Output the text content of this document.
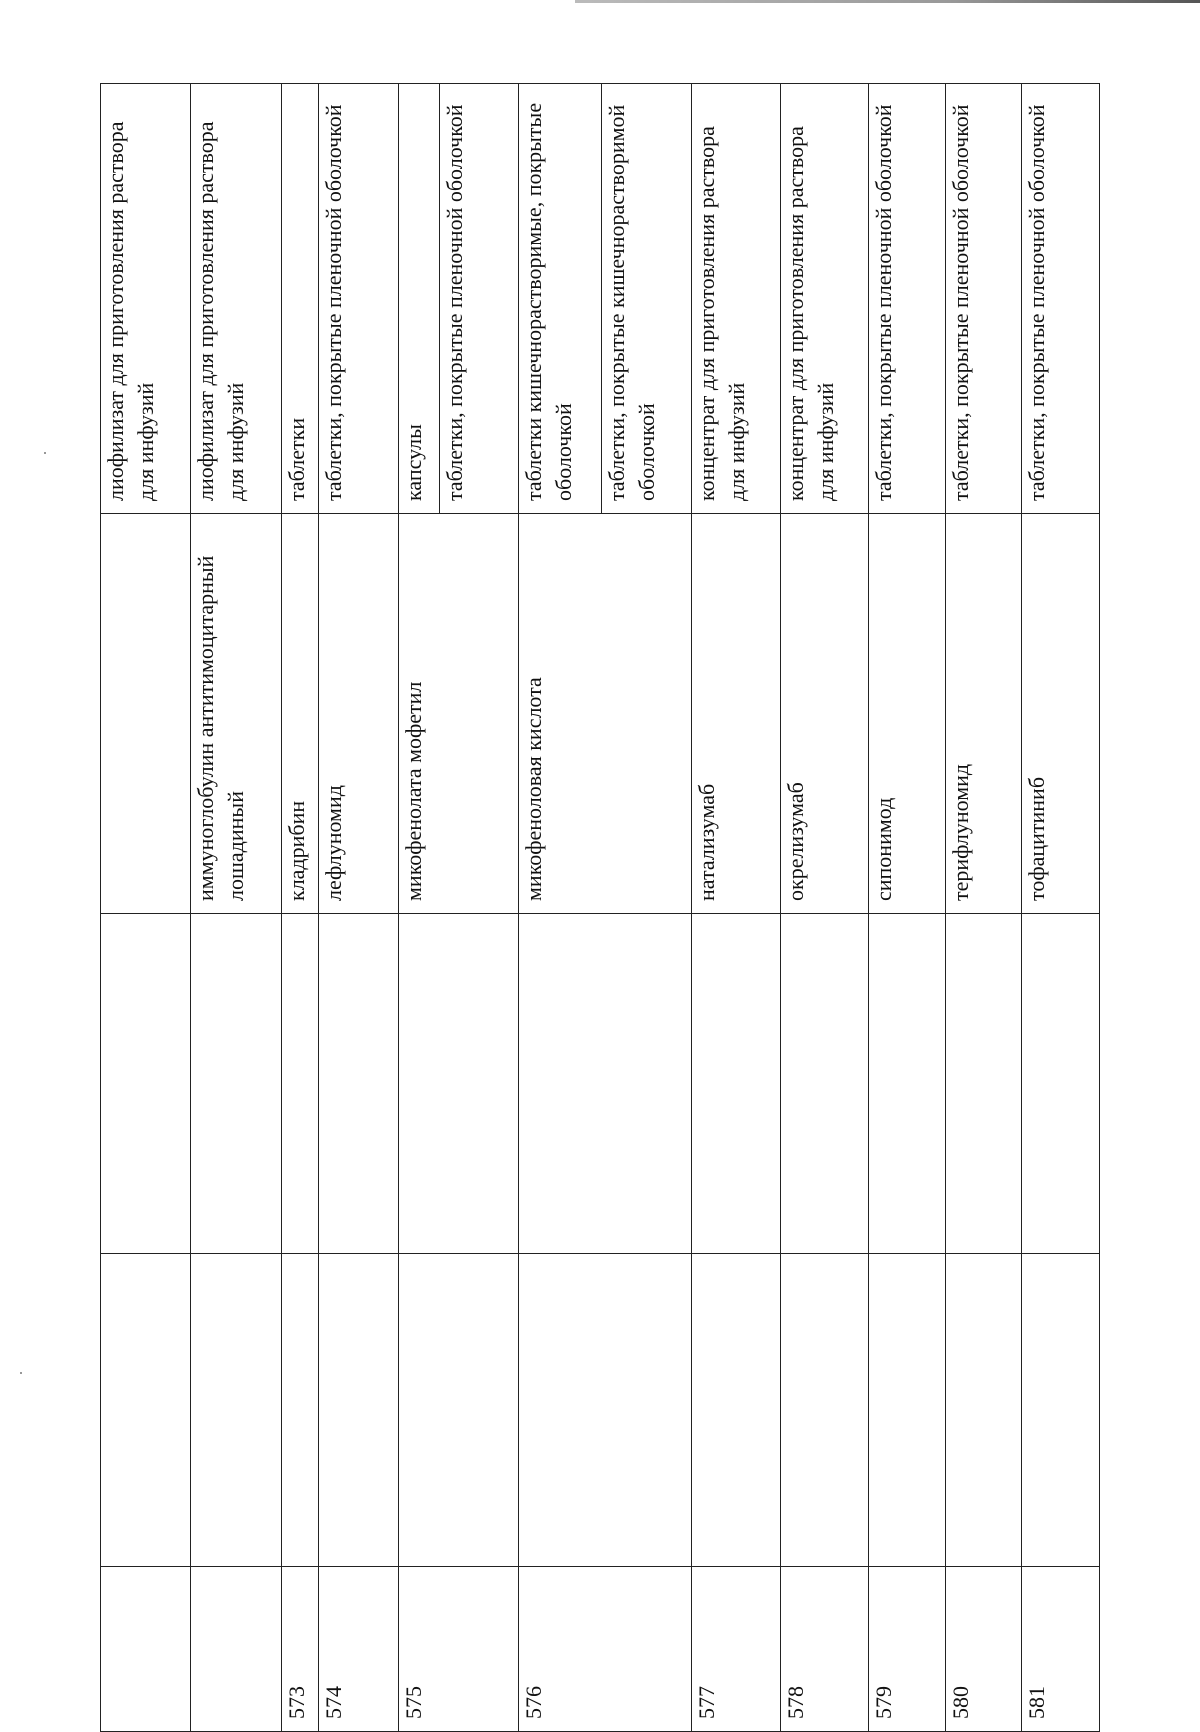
				лиофилизат для приготовления раствора для инфузий
			иммуноглобулин антитимоцитарный лошадиный	лиофилизат для приготовления раствора для инфузий
573			кладрибин	таблетки
574			лефлуномид	таблетки, покрытые пленочной оболочкой
575			микофенолата мофетил	капсулы
				таблетки, покрытые пленочной оболочкой
576			микофеноловая кислота	таблетки кишечнорастворимые, покрытые оболочкой
				таблетки, покрытые кишечнорастворимой оболочкой
577			натализумаб	концентрат для приготовления раствора для инфузий
578			окрелизумаб	концентрат для приготовления раствора для инфузий
579			сипонимод	таблетки, покрытые пленочной оболочкой
580			терифлуномид	таблетки, покрытые пленочной оболочкой
581			тофацитиниб	таблетки, покрытые пленочной оболочкой
